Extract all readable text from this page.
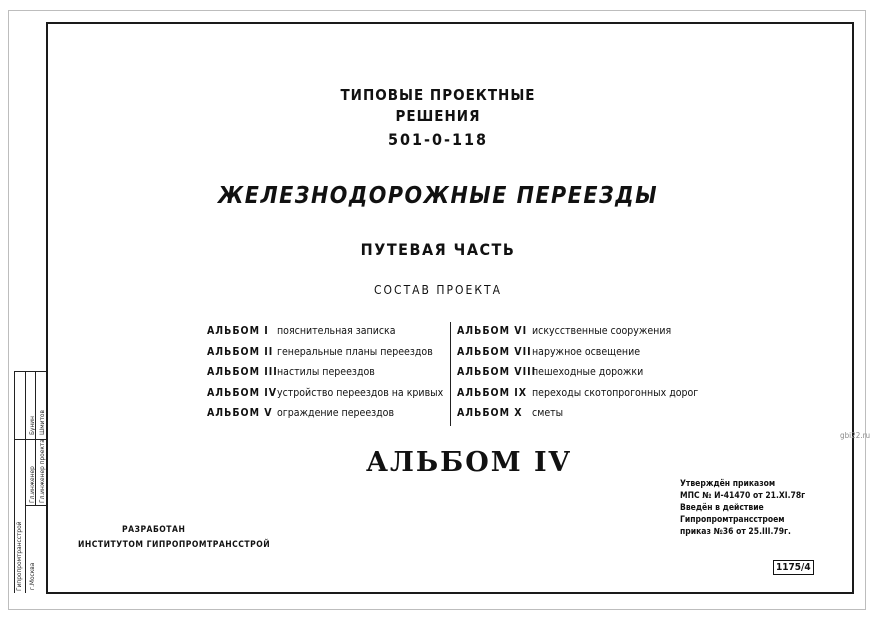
ТИПОВЫЕ ПРОЕКТНЫЕ
РЕШЕНИЯ
501-0-118
ЖЕЛЕЗНОДОРОЖНЫЕ ПЕРЕЕЗДЫ
ПУТЕВАЯ ЧАСТЬ
СОСТАВ ПРОЕКТА
АЛЬБОМ I пояснительная записка
АЛЬБОМ II генеральные планы переездов
АЛЬБОМ III настилы переездов
АЛЬБОМ IV устройство переездов на кривых
АЛЬБОМ V ограждение переездов
АЛЬБОМ VI искусственные сооружения
АЛЬБОМ VII наружное освещение
АЛЬБОМ VIII
пешеходные дорожки
АЛЬБОМ IX переходы скотопрогонных дорог
АЛЬБОМ X сметы
АЛЬБОМ IV
Утверждён приказом
МПС № И-41470 от 21.XI.78г
Введён в действие
Гипропромтрансстроем
приказ №36 от 25.III.79г.
РАЗРАБОТАН
ИНСТИТУТОМ ГИПРОПРОМТРАНССТРОЙ
1175/4
gbi22.ru
Гипропромтрансстрой г.Москва
Гл.инженер Гл.инженер проекта
Бунин Шмитов
